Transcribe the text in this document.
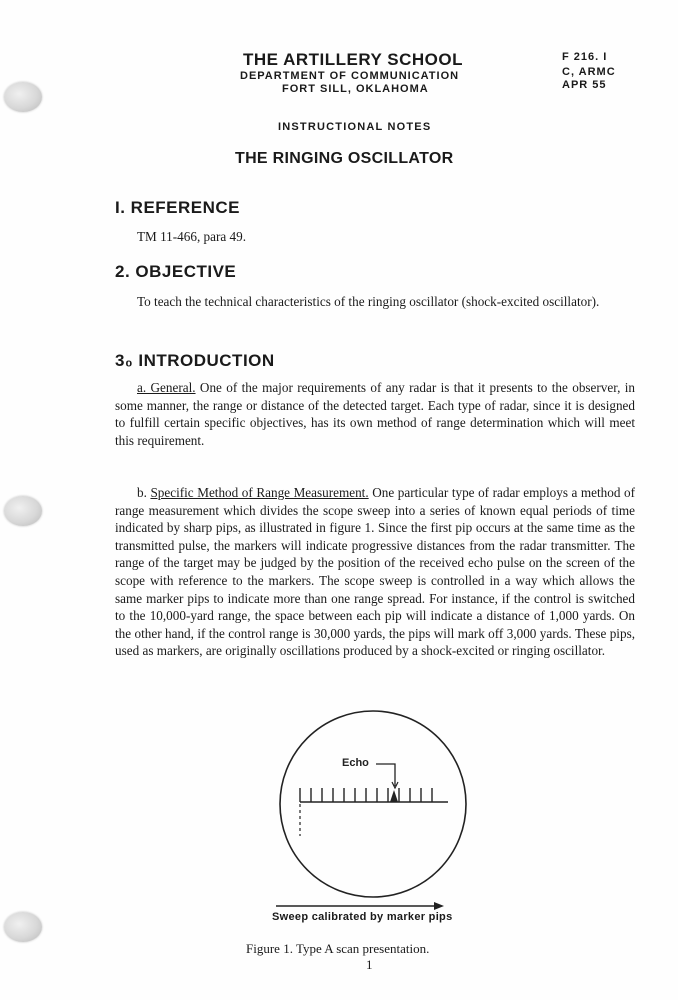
THE ARTILLERY SCHOOL
DEPARTMENT OF COMMUNICATION
FORT SILL, OKLAHOMA
F 216. I
C, ARMC
APR 55
INSTRUCTIONAL NOTES
THE RINGING OSCILLATOR
I. REFERENCE
TM 11-466, para 49.
2. OBJECTIVE
To teach the technical characteristics of the ringing oscillator (shock-excited oscillator).
3₀ INTRODUCTION
a. General. One of the major requirements of any radar is that it presents to the observer, in some manner, the range or distance of the detected target. Each type of radar, since it is designed to fulfill certain specific objectives, has its own method of range determination which will meet this requirement.
b. Specific Method of Range Measurement. One particular type of radar employs a method of range measurement which divides the scope sweep into a series of known equal periods of time indicated by sharp pips, as illustrated in figure 1. Since the first pip occurs at the same time as the transmitted pulse, the markers will indicate progressive distances from the radar transmitter. The range of the target may be judged by the position of the received echo pulse on the screen of the scope with reference to the markers. The scope sweep is controlled in a way which allows the same marker pips to indicate more than one range spread. For instance, if the control is switched to the 10,000-yard range, the space between each pip will indicate a distance of 1,000 yards. On the other hand, if the control range is 30,000 yards, the pips will mark off 3,000 yards. These pips, used as markers, are originally oscillations produced by a shock-excited or ringing oscillator.
Echo
Sweep calibrated by marker pips
Figure 1. Type A scan presentation.
1
